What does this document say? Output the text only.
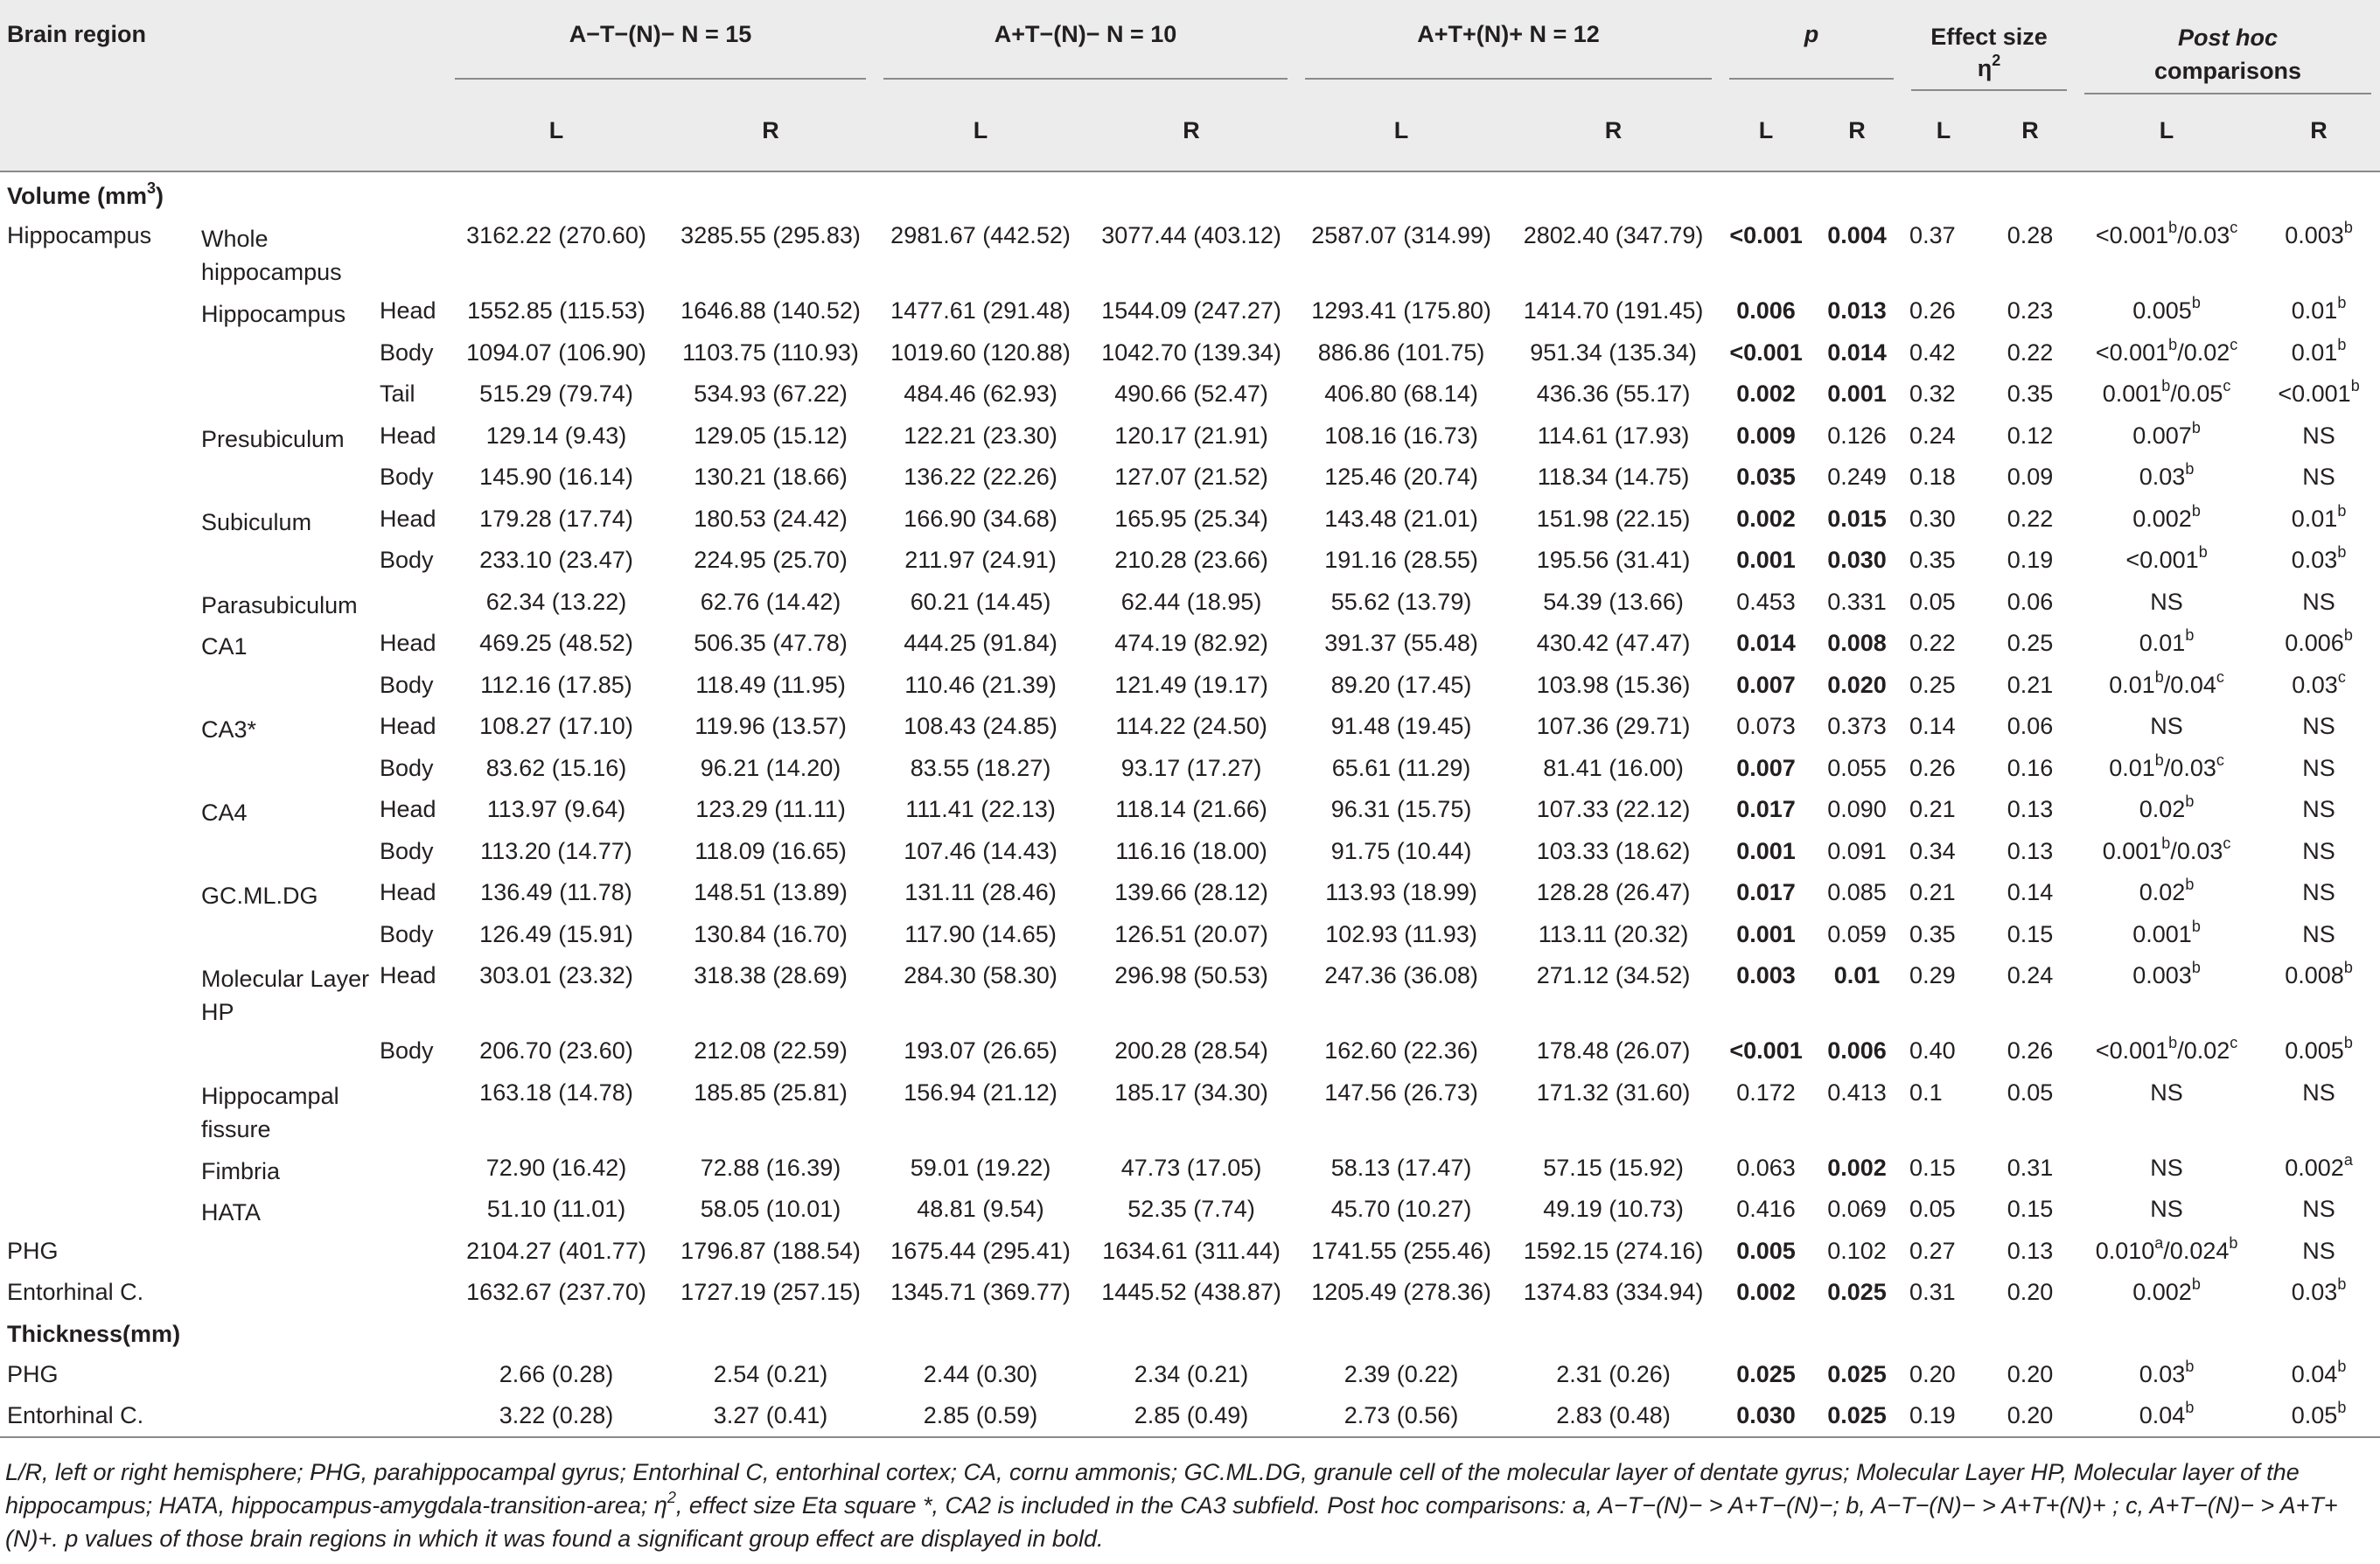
Brain region			A−T−(N)− N = 15		A+T−(N)− N = 10		A+T+(N)+ N = 12		p		Effect size
$\eta^2$		Post hoc
comparisons	

			L	R	L	R	L	R	L	R	L	R	L	R
Volume $(mm^3)$														
Hippocampus	Whole
hippocampus		3162.22 (270.60)	3285.55 (295.83)	2981.67 (442.52)	3077.44 (403.12)	2587.07 (314.99)	2802.40 (347.79)	<0.001	0.004	0.37	0.28	<0.001$^b$/0.03$^c$	0.003$^b$
	Hippocampus	Head	1552.85 (115.53)	1646.88 (140.52)	1477.61 (291.48)	1544.09 (247.27)	1293.41 (175.80)	1414.70 (191.45)	0.006	0.013	0.26	0.23	0.005$^b$	0.01$^b$
		Body	1094.07 (106.90)	1103.75 (110.93)	1019.60 (120.88)	1042.70 (139.34)	886.86 (101.75)	951.34 (135.34)	<0.001	0.014	0.42	0.22	<0.001$^b$/0.02$^c$	0.01$^b$
		Tail	515.29 (79.74)	534.93 (67.22)	484.46 (62.93)	490.66 (52.47)	406.80 (68.14)	436.36 (55.17)	0.002	0.001	0.32	0.35	0.001$^b$/0.05$^c$	<0.001$^b$
	Presubiculum	Head	129.14 (9.43)	129.05 (15.12)	122.21 (23.30)	120.17 (21.91)	108.16 (16.73)	114.61 (17.93)	0.009	0.126	0.24	0.12	0.007$^b$	NS
		Body	145.90 (16.14)	130.21 (18.66)	136.22 (22.26)	127.07 (21.52)	125.46 (20.74)	118.34 (14.75)	0.035	0.249	0.18	0.09	0.03$^b$	NS
	Subiculum	Head	179.28 (17.74)	180.53 (24.42)	166.90 (34.68)	165.95 (25.34)	143.48 (21.01)	151.98 (22.15)	0.002	0.015	0.30	0.22	0.002$^b$	0.01$^b$
		Body	233.10 (23.47)	224.95 (25.70)	211.97 (24.91)	210.28 (23.66)	191.16 (28.55)	195.56 (31.41)	0.001	0.030	0.35	0.19	<0.001$^b$	0.03$^b$
	Parasubiculum		62.34 (13.22)	62.76 (14.42)	60.21 (14.45)	62.44 (18.95)	55.62 (13.79)	54.39 (13.66)	0.453	0.331	0.05	0.06	NS	NS
	CA1	Head	469.25 (48.52)	506.35 (47.78)	444.25 (91.84)	474.19 (82.92)	391.37 (55.48)	430.42 (47.47)	0.014	0.008	0.22	0.25	0.01$^b$	0.006$^b$
		Body	112.16 (17.85)	118.49 (11.95)	110.46 (21.39)	121.49 (19.17)	89.20 (17.45)	103.98 (15.36)	0.007	0.020	0.25	0.21	0.01$^b$/0.04$^c$	0.03$^c$
	CA3*	Head	108.27 (17.10)	119.96 (13.57)	108.43 (24.85)	114.22 (24.50)	91.48 (19.45)	107.36 (29.71)	0.073	0.373	0.14	0.06	NS	NS
		Body	83.62 (15.16)	96.21 (14.20)	83.55 (18.27)	93.17 (17.27)	65.61 (11.29)	81.41 (16.00)	0.007	0.055	0.26	0.16	0.01$^b$/0.03$^c$	NS
	CA4	Head	113.97 (9.64)	123.29 (11.11)	111.41 (22.13)	118.14 (21.66)	96.31 (15.75)	107.33 (22.12)	0.017	0.090	0.21	0.13	0.02$^b$	NS
		Body	113.20 (14.77)	118.09 (16.65)	107.46 (14.43)	116.16 (18.00)	91.75 (10.44)	103.33 (18.62)	0.001	0.091	0.34	0.13	0.001$^b$/0.03$^c$	NS
	GC.ML.DG	Head	136.49 (11.78)	148.51 (13.89)	131.11 (28.46)	139.66 (28.12)	113.93 (18.99)	128.28 (26.47)	0.017	0.085	0.21	0.14	0.02$^b$	NS
		Body	126.49 (15.91)	130.84 (16.70)	117.90 (14.65)	126.51 (20.07)	102.93 (11.93)	113.11 (20.32)	0.001	0.059	0.35	0.15	0.001$^b$	NS
	Molecular Layer
HP	Head	303.01 (23.32)	318.38 (28.69)	284.30 (58.30)	296.98 (50.53)	247.36 (36.08)	271.12 (34.52)	0.003	0.01	0.29	0.24	0.003$^b$	0.008$^b$
		Body	206.70 (23.60)	212.08 (22.59)	193.07 (26.65)	200.28 (28.54)	162.60 (22.36)	178.48 (26.07)	<0.001	0.006	0.40	0.26	<0.001$^b$/0.02$^c$	0.005$^b$
	Hippocampal
fissure		163.18 (14.78)	185.85 (25.81)	156.94 (21.12)	185.17 (34.30)	147.56 (26.73)	171.32 (31.60)	0.172	0.413	0.1	0.05	NS	NS
	Fimbria		72.90 (16.42)	72.88 (16.39)	59.01 (19.22)	47.73 (17.05)	58.13 (17.47)	57.15 (15.92)	0.063	0.002	0.15	0.31	NS	0.002$^a$
	HATA		51.10 (11.01)	58.05 (10.01)	48.81 (9.54)	52.35 (7.74)	45.70 (10.27)	49.19 (10.73)	0.416	0.069	0.05	0.15	NS	NS
PHG			2104.27 (401.77)	1796.87 (188.54)	1675.44 (295.41)	1634.61 (311.44)	1741.55 (255.46)	1592.15 (274.16)	0.005	0.102	0.27	0.13	0.010$^a$/0.024$^b$	NS
Entorhinal C.			1632.67 (237.70)	1727.19 (257.15)	1345.71 (369.77)	1445.52 (438.87)	1205.49 (278.36)	1374.83 (334.94)	0.002	0.025	0.31	0.20	0.002$^b$	0.03$^b$
Thickness(mm)														
PHG			2.66 (0.28)	2.54 (0.21)	2.44 (0.30)	2.34 (0.21)	2.39 (0.22)	2.31 (0.26)	0.025	0.025	0.20	0.20	0.03$^b$	0.04$^b$
Entorhinal C.			3.22 (0.28)	3.27 (0.41)	2.85 (0.59)	2.85 (0.49)	2.73 (0.56)	2.83 (0.48)	0.030	0.025	0.19	0.20	0.04$^b$	0.05$^b$
L/R, left or right hemisphere; PHG, parahippocampal gyrus; Entorhinal C, entorhinal cortex; CA, cornu ammonis; GC.ML.DG, granule cell of the molecular layer of dentate gyrus; Molecular Layer HP, Molecular layer of the hippocampus; HATA, hippocampus-amygdala-transition-area; $\eta^2$, effect size Eta square *, CA2 is included in the CA3 subfield. Post hoc comparisons: a, A−T−(N)− > A+T−(N)−; b, A−T−(N)− > A+T+(N)+ ; c, A+T−(N)− > A+T+(N)+. p values of those brain regions in which it was found a significant group effect are displayed in bold.
